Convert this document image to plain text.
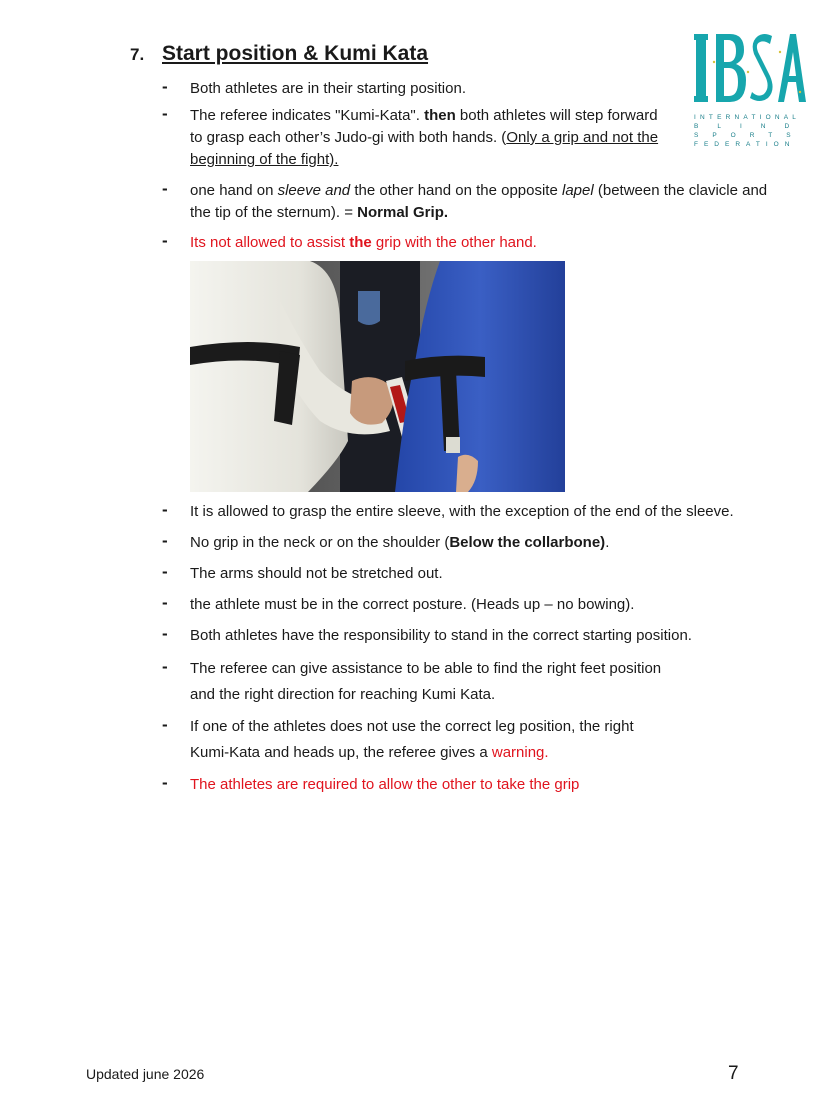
7. Start position & Kumi Kata
INTERNATIONAL
BLIND
SPORTS
FEDERATION
- Both athletes are in their starting position.
- The referee indicates "Kumi-Kata". then both athletes will step forward to grasp each other’s Judo-gi with both hands. (Only a grip and not the beginning of the fight).
- one hand on sleeve and the other hand on the opposite lapel (between the clavicle and the tip of the sternum). = Normal Grip.
- Its not allowed to assist the grip with the other hand.
- It is allowed to grasp the entire sleeve, with the exception of the end of the sleeve.
- No grip in the neck or on the shoulder (Below the collarbone).
- The arms should not be stretched out.
- the athlete must be in the correct posture. (Heads up – no bowing).
- Both athletes have the responsibility to stand in the correct starting position.
- The referee can give assistance to be able to find the right feet position
and the right direction for reaching Kumi Kata.
- If one of the athletes does not use the correct leg position, the right
Kumi-Kata and heads up, the referee gives a warning.
- The athletes are required to allow the other to take the grip
Updated june 2026	7
